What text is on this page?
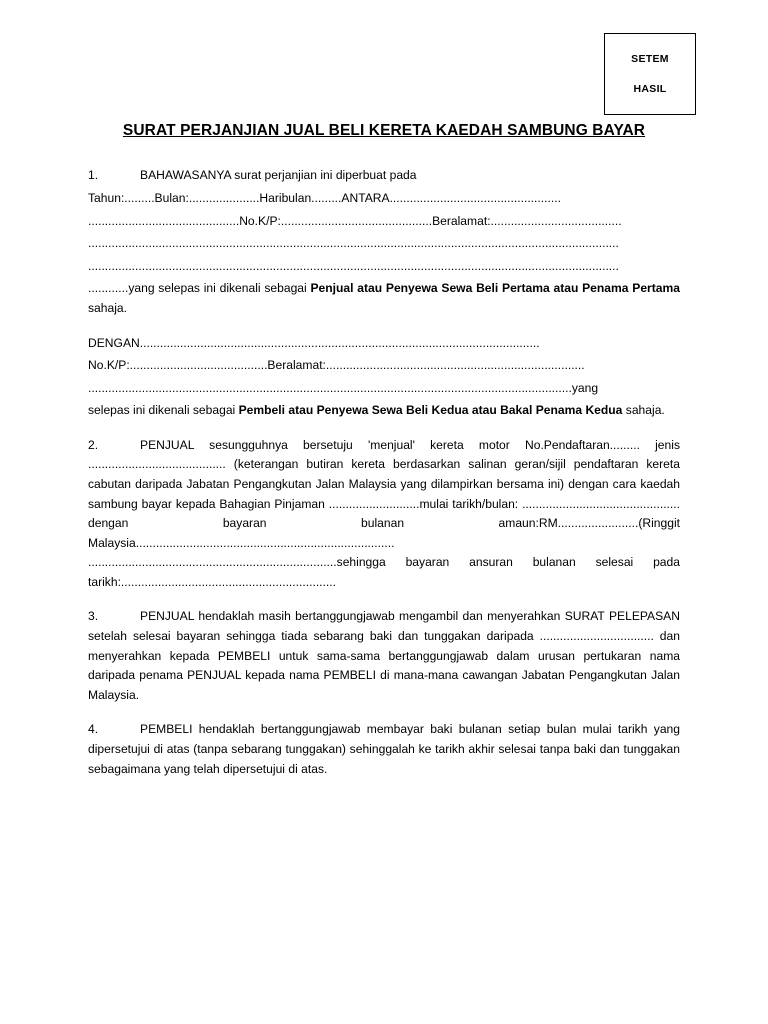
SETEM
HASIL
SURAT PERJANJIAN JUAL BELI KERETA KAEDAH SAMBUNG BAYAR

1.	BAHAWASANYA surat perjanjian ini diperbuat pada

Tahun:.........Bulan:.....................Haribulan.........ANTARA...................................................

.............................................No.K/P:.............................................Beralamat:.......................................

..............................................................................................................................................................

..............................................................................................................................................................

............yang selepas ini dikenali sebagai Penjual atau Penyewa Sewa Beli Pertama atau Penama Pertama sahaja.

DENGAN.......................................................................................................................

No.K/P:.........................................Beralamat:.............................................................................

................................................................................................................................................yang

selepas ini dikenali sebagai Pembeli atau Penyewa Sewa Beli Kedua atau Bakal Penama Kedua sahaja.

2.	PENJUAL sesungguhnya bersetuju 'menjual' kereta motor No.Pendaftaran......... jenis ......................................... (keterangan butiran kereta berdasarkan salinan geran/sijil pendaftaran kereta cabutan daripada Jabatan Pengangkutan Jalan Malaysia yang dilampirkan bersama ini) dengan cara kaedah sambung bayar kepada Bahagian Pinjaman ...........................mulai tarikh/bulan: ............................................... dengan bayaran bulanan amaun:RM........................(Ringgit Malaysia............................................................................. ..........................................................................sehingga bayaran ansuran bulanan selesai pada tarikh:................................................................

3.	PENJUAL hendaklah masih bertanggungjawab mengambil dan menyerahkan SURAT PELEPASAN setelah selesai bayaran sehingga tiada sebarang baki dan tunggakan daripada .................................. dan menyerahkan kepada PEMBELI untuk sama-sama bertanggungjawab dalam urusan pertukaran nama daripada penama PENJUAL kepada nama PEMBELI di mana-mana cawangan Jabatan Pengangkutan Jalan Malaysia.

4.	PEMBELI hendaklah bertanggungjawab membayar baki bulanan setiap bulan mulai tarikh yang dipersetujui di atas (tanpa sebarang tunggakan) sehinggalah ke tarikh akhir selesai tanpa baki dan tunggakan sebagaimana yang telah dipersetujui di atas.
